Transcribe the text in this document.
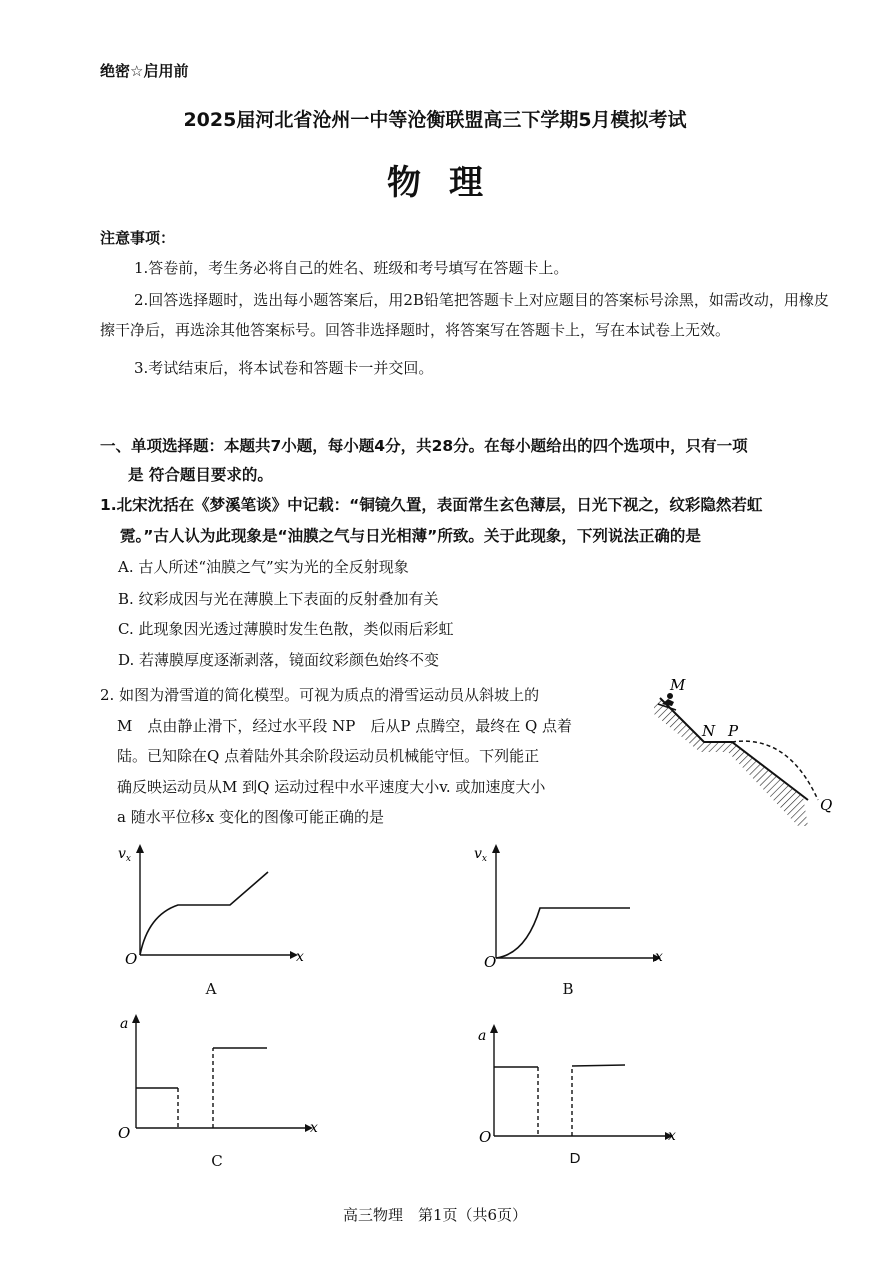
绝密☆启用前
2025届河北省沧州一中等沧衡联盟高三下学期5月模拟考试
物理
注意事项：

1.答卷前，考生务必将自己的姓名、班级和考号填写在答题卡上。

2.回答选择题时，选出每小题答案后，用2B铅笔把答题卡上对应题目的答案标号涂黑，如需改动，用橡皮擦干净后，再选涂其他答案标号。回答非选择题时，将答案写在答题卡上，写在本试卷上无效。

3.考试结束后，将本试卷和答题卡一并交回。

一、单项选择题：本题共7小题，每小题4分，共28分。在每小题给出的四个选项中，只有一项
是 符合题目要求的。
1.北宋沈括在《梦溪笔谈》中记载：“铜镜久置，表面常生玄色薄层，日光下视之，纹彩隐然若虹
霓。”古人认为此现象是“油膜之气与日光相薄”所致。关于此现象，下列说法正确的是
A. 古人所述“油膜之气”实为光的全反射现象
B. 纹彩成因与光在薄膜上下表面的反射叠加有关
C. 此现象因光透过薄膜时发生色散，类似雨后彩虹
D. 若薄膜厚度逐渐剥落，镜面纹彩颜色始终不变
2. 如图为滑雪道的简化模型。可视为质点的滑雪运动员从斜坡上的
M　点由静止滑下，经过水平段 NP　后从P 点腾空，最终在 Q 点着
陆。已知除在Q 点着陆外其余阶段运动员机械能守恒。下列能正
确反映运动员从M 到Q 运动过程中水平速度大小v. 或加速度大小
a 随水平位移x 变化的图像可能正确的是
M
N P
Q
$v_x$
x
O
A
$v_x$
x
O
B
a
x
O
C
a
x
O
D
高三物理　第1页（共6页）
